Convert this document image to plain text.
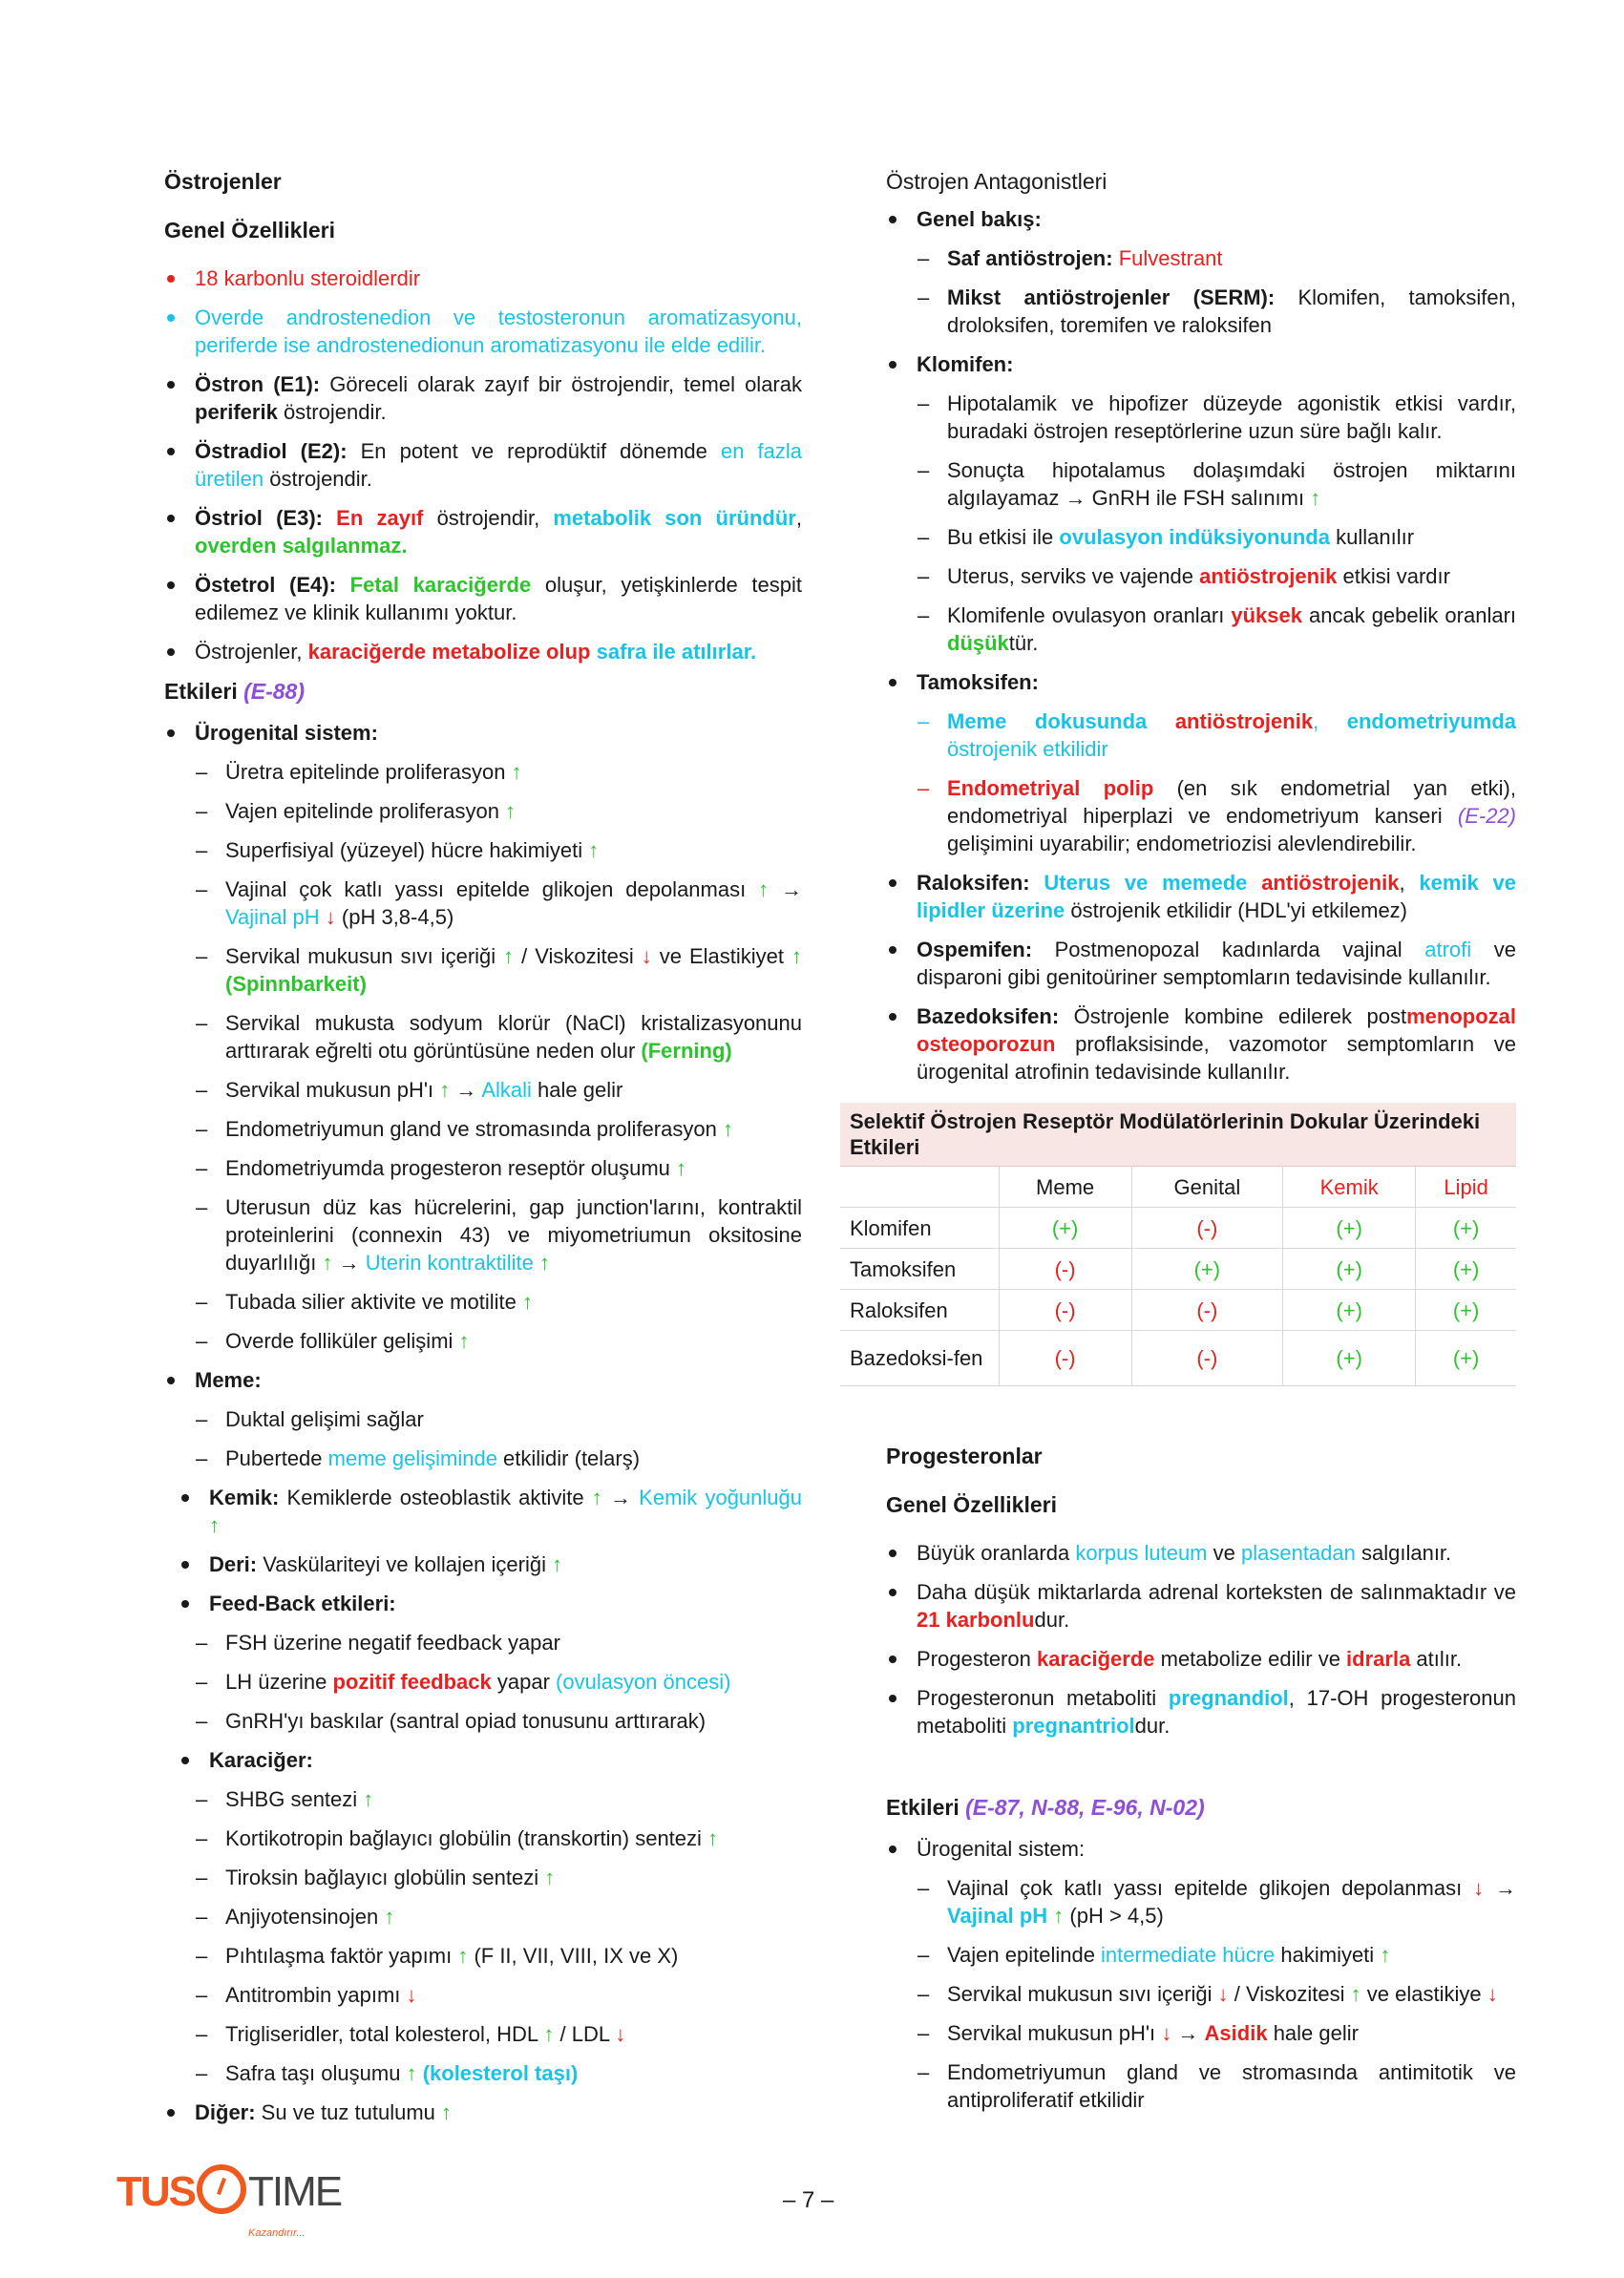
Östrojenler
Genel Özellikleri
18 karbonlu steroidlerdir
Overde androstenedion ve testosteronun aromatizasyonu, periferde ise androstenedionun aromatizasyonu ile elde edilir.
Östron (E1): Göreceli olarak zayıf bir östrojendir, temel olarak periferik östrojendir.
Östradiol (E2): En potent ve reprodüktif dönemde en fazla üretilen östrojendir.
Östriol (E3): En zayıf östrojendir, metabolik son üründür, overden salgılanmaz.
Östetrol (E4): Fetal karaciğerde oluşur, yetişkinlerde tespit edilemez ve klinik kullanımı yoktur.
Östrojenler, karaciğerde metabolize olup safra ile atılırlar.
Etkileri (E-88)
Ürogenital sistem:
– Üretra epitelinde proliferasyon ↑
– Vajen epitelinde proliferasyon ↑
– Superfisiyal (yüzeyel) hücre hakimiyeti ↑
– Vajinal çok katlı yassı epitelde glikojen depolanması ↑ → Vajinal pH ↓ (pH 3,8-4,5)
– Servikal mukusun sıvı içeriği ↑ / Viskozitesi ↓ ve Elastikiyet ↑ (Spinnbarkeit)
– Servikal mukusta sodyum klorür (NaCl) kristalizasyonunu arttırarak eğrelti otu görüntüsüne neden olur (Ferning)
– Servikal mukusun pH'ı ↑ → Alkali hale gelir
– Endometriyumun gland ve stromasında proliferasyon ↑
– Endometriyumda progesteron reseptör oluşumu ↑
– Uterusun düz kas hücrelerini, gap junction'larını, kontraktil proteinlerini (connexin 43) ve miyometriumun oksitosine duyarlılığı ↑ → Uterin kontraktilite ↑
– Tubada silier aktivite ve motilite ↑
– Overde folliküler gelişimi ↑
Meme:
– Duktal gelişimi sağlar
– Pubertede meme gelişiminde etkilidir (telarş)
Kemik: Kemiklerde osteoblastik aktivite ↑ → Kemik yoğunluğu ↑
Deri: Vaskülariteyi ve kollajen içeriği ↑
Feed-Back etkileri:
– FSH üzerine negatif feedback yapar
– LH üzerine pozitif feedback yapar (ovulasyon öncesi)
– GnRH'yı baskılar (santral opiad tonusunu arttırarak)
Karaciğer:
– SHBG sentezi ↑
– Kortikotropin bağlayıcı globülin (transkortin) sentezi ↑
– Tiroksin bağlayıcı globülin sentezi ↑
– Anjiyotensinojen ↑
– Pıhtılaşma faktör yapımı ↑ (F II, VII, VIII, IX ve X)
– Antitrombin yapımı ↓
– Trigliseridler, total kolesterol, HDL ↑ / LDL ↓
– Safra taşı oluşumu ↑ (kolesterol taşı)
Diğer: Su ve tuz tutulumu ↑
Östrojen Antagonistleri
Genel bakış:
– Saf antiöstrojen: Fulvestrant
– Mikst antiöstrojenler (SERM): Klomifen, tamoksifen, droloksifen, toremifen ve raloksifen
Klomifen:
– Hipotalamik ve hipofizer düzeyde agonistik etkisi vardır, buradaki östrojen reseptörlerine uzun süre bağlı kalır.
– Sonuçta hipotalamus dolaşımdaki östrojen miktarını algılayamaz → GnRH ile FSH salınımı ↑
– Bu etkisi ile ovulasyon indüksiyonunda kullanılır
– Uterus, serviks ve vajende antiöstrojenik etkisi vardır
– Klomifenle ovulasyon oranları yüksek ancak gebelik oranları düşüktür.
Tamoksifen:
– Meme dokusunda antiöstrojenik, endometriyumda östrojenik etkilidir
– Endometriyal polip (en sık endometrial yan etki), endometriyal hiperplazi ve endometriyum kanseri (E-22) gelişimini uyarabilir; endometriozisi alevlendirebilir.
Raloksifen: Uterus ve memede antiöstrojenik, kemik ve lipidler üzerine östrojenik etkilidir (HDL'yi etkilemez)
Ospemifen: Postmenopozal kadınlarda vajinal atrofi ve disparoni gibi genitoüriner semptomların tedavisinde kullanılır.
Bazedoksifen: Östrojenle kombine edilerek postmenopozal osteoporozun proflaksisinde, vazomotor semptomların ve ürogenital atrofinin tedavisinde kullanılır.
Selektif Östrojen Reseptör Modülatörlerinin Dokular Üzerindeki Etkileri				
	Meme	Genital	Kemik	Lipid
Klomifen	(+)	(-)	(+)	(+)
Tamoksifen	(-)	(+)	(+)	(+)
Raloksifen	(-)	(-)	(+)	(+)
Bazedoksi-fen	(-)	(-)	(+)	(+)
Progesteronlar
Genel Özellikleri
Büyük oranlarda korpus luteum ve plasentadan salgılanır.
Daha düşük miktarlarda adrenal korteksten de salınmaktadır ve 21 karbonludur.
Progesteron karaciğerde metabolize edilir ve idrarla atılır.
Progesteronun metaboliti pregnandiol, 17-OH progesteronun metaboliti pregnantrioldur.
Etkileri (E-87, N-88, E-96, N-02)
Ürogenital sistem:
– Vajinal çok katlı yassı epitelde glikojen depolanması ↓ → Vajinal pH ↑ (pH > 4,5)
– Vajen epitelinde intermediate hücre hakimiyeti ↑
– Servikal mukusun sıvı içeriği ↓ / Viskozitesi ↑ ve elastikiye ↓
– Servikal mukusun pH'ı ↓ → Asidik hale gelir
– Endometriyumun gland ve stromasında antimitotik ve antiproliferatif etkilidir
TUS TIME
Kazandırır...
– 7 –
